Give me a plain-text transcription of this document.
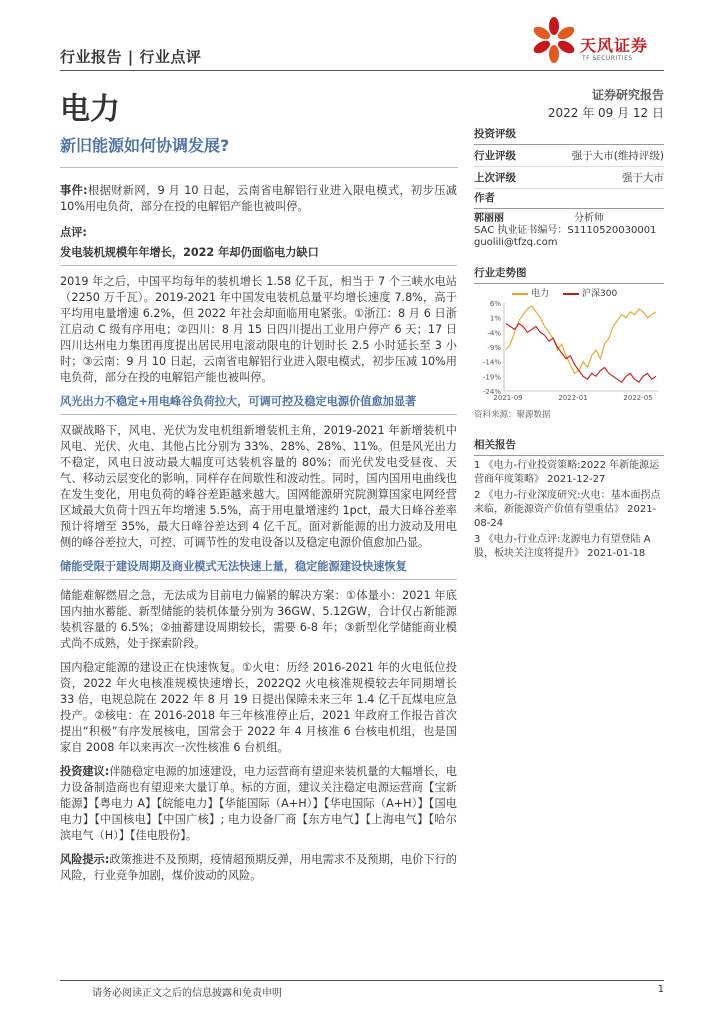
行业报告 | 行业点评
天风证券
TF SECURITIES
电力	证券研究报告
2022 年 09 月 12 日
新旧能源如何协调发展?

事件:根据财新网，9 月 10 日起，云南省电解铝行业进入限电模式，初步压减 10%用电负荷，部分在投的电解铝产能也被叫停。

点评:

发电装机规模年年增长，2022 年却仍面临电力缺口

2019 年之后，中国平均每年的装机增长 1.58 亿千瓦，相当于 7 个三峡水电站（2250 万千瓦）。2019-2021 年中国发电装机总量平均增长速度 7.8%，高于平均用电量增速 6.2%，但 2022 年社会却面临用电紧张。①浙江：8 月 6 日浙江启动 C 级有序用电；②四川：8 月 15 日四川提出工业用户停产 6 天；17 日四川达州电力集团再度提出居民用电滚动限电的计划时长 2.5 小时延长至 3 小时；③云南：9 月 10 日起，云南省电解铝行业进入限电模式，初步压减 10%用电负荷，部分在投的电解铝产能也被叫停。

风光出力不稳定+用电峰谷负荷拉大，可调可控及稳定电源价值愈加显著

双碳战略下，风电、光伏为发电机组新增装机主角，2019-2021 年新增装机中风电、光伏、火电、其他占比分别为 33%、28%、28%、11%。但是风光出力不稳定，风电日波动最大幅度可达装机容量的 80%；而光伏发电受昼夜、天气、移动云层变化的影响，同样存在间歇性和波动性。同时，国内国用电曲线也在发生变化，用电负荷的峰谷差距越来越大。国网能源研究院测算国家电网经营区域最大负荷十四五年均增速 5.5%，高于用电量增速约 1pct，最大日峰谷差率预计将增至 35%，最大日峰谷差达到 4 亿千瓦。面对新能源的出力波动及用电侧的峰谷差拉大，可控、可调节性的发电设备以及稳定电源价值愈加凸显。

储能受限于建设周期及商业模式无法快速上量，稳定能源建设快速恢复

储能难解燃眉之急，无法成为目前电力偏紧的解决方案：①体量小：2021 年底国内抽水蓄能、新型储能的装机体量分别为 36GW、5.12GW，合计仅占新能源装机容量的 6.5%；②抽蓄建设周期较长，需要 6-8 年；③新型化学储能商业模式尚不成熟，处于探索阶段。

国内稳定能源的建设正在快速恢复。①火电：历经 2016-2021 年的火电低位投资，2022 年火电核准规模快速增长，2022Q2 火电核准规模较去年同期增长 33 倍，电规总院在 2022 年 8 月 19 日提出保障未来三年 1.4 亿千瓦煤电应急投产。②核电：在 2016-2018 年三年核准停止后，2021 年政府工作报告首次提出“积极”有序发展核电，国常会于 2022 年 4 月核准 6 台核电机组，也是国家自 2008 年以来再次一次性核准 6 台机组。

投资建议:伴随稳定电源的加速建设，电力运营商有望迎来装机量的大幅增长，电力设备制造商也有望迎来大量订单。标的方面，建议关注稳定电源运营商【宝新能源】【粤电力 A】【皖能电力】【华能国际（A+H）】【华电国际（A+H）】【国电电力】【中国核电】【中国广核】; 电力设备厂商【东方电气】【上海电气】【哈尔滨电气（H）】【佳电股份】。

风险提示:政策推进不及预期，疫情超预期反弹，用电需求不及预期，电价下行的风险，行业竞争加剧，煤价波动的风险。

投资评级
行业评级	强于大市(维持评级)
上次评级	强于大市
作者
郭丽丽	分析师
SAC 执业证书编号：S1110520030001
guolili@tfzq.com
行业走势图
电力	沪深300
6%
1%
-4%
-9%
-14%
-19%
-24%
2021-09	2022-01	2022-05
资料来源：聚源数据
相关报告
1 《电力-行业投资策略:2022 年新能源运营商年度策略》 2021-12-27
2 《电力-行业深度研究:火电：基本面拐点来临，新能源资产价值有望重估》 2021-08-24
3 《电力-行业点评:龙源电力有望登陆 A 股，板块关注度将提升》 2021-01-18
请务必阅读正文之后的信息披露和免责申明	1
